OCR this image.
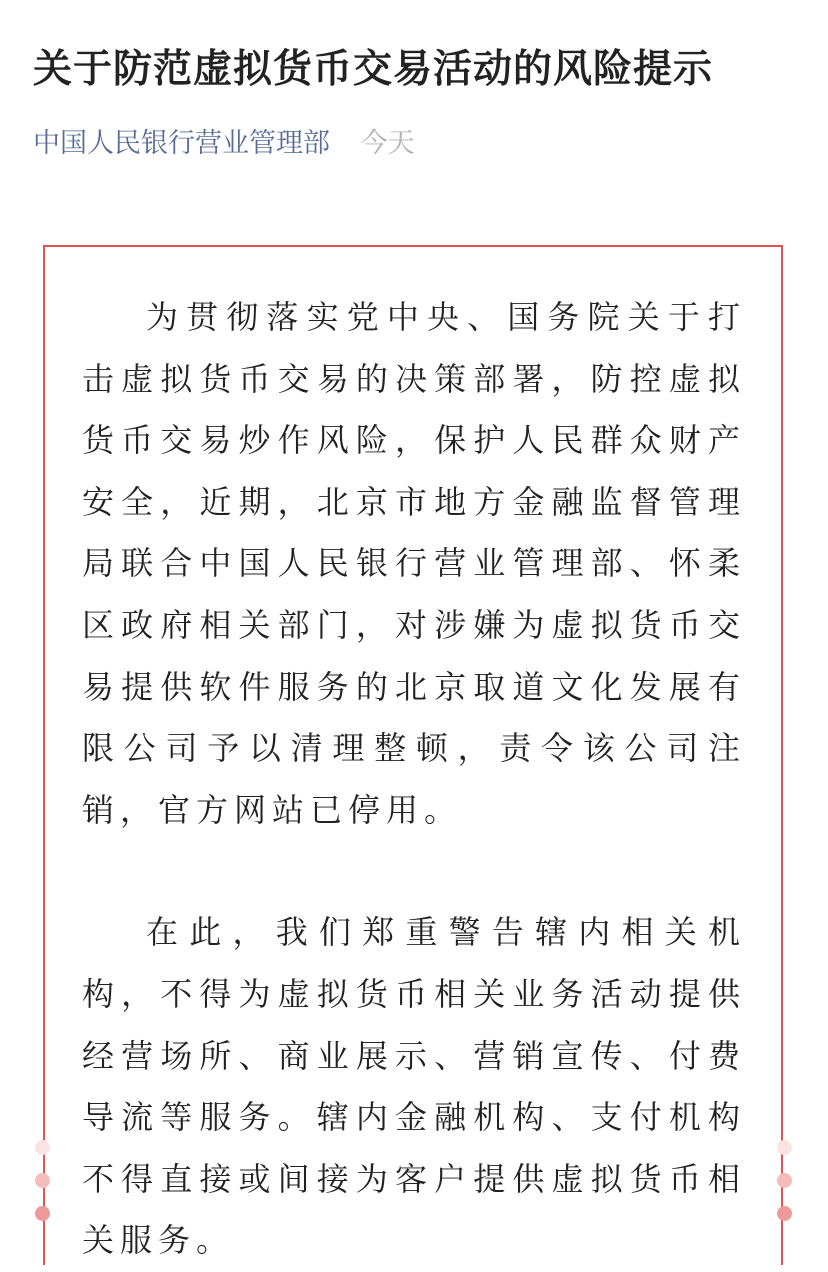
关于防范虚拟货币交易活动的风险提示
中国人民银行营业管理部 今天

为贯彻落实党中央、国务院关于打击虚拟货币交易的决策部署，防控虚拟货币交易炒作风险，保护人民群众财产安全，近期，北京市地方金融监督管理局联合中国人民银行营业管理部、怀柔区政府相关部门，对涉嫌为虚拟货币交易提供软件服务的北京取道文化发展有限公司予以清理整顿，责令该公司注销，官方网站已停用。

在此，我们郑重警告辖内相关机构，不得为虚拟货币相关业务活动提供经营场所、商业展示、营销宣传、付费导流等服务。辖内金融机构、支付机构不得直接或间接为客户提供虚拟货币相关服务。
